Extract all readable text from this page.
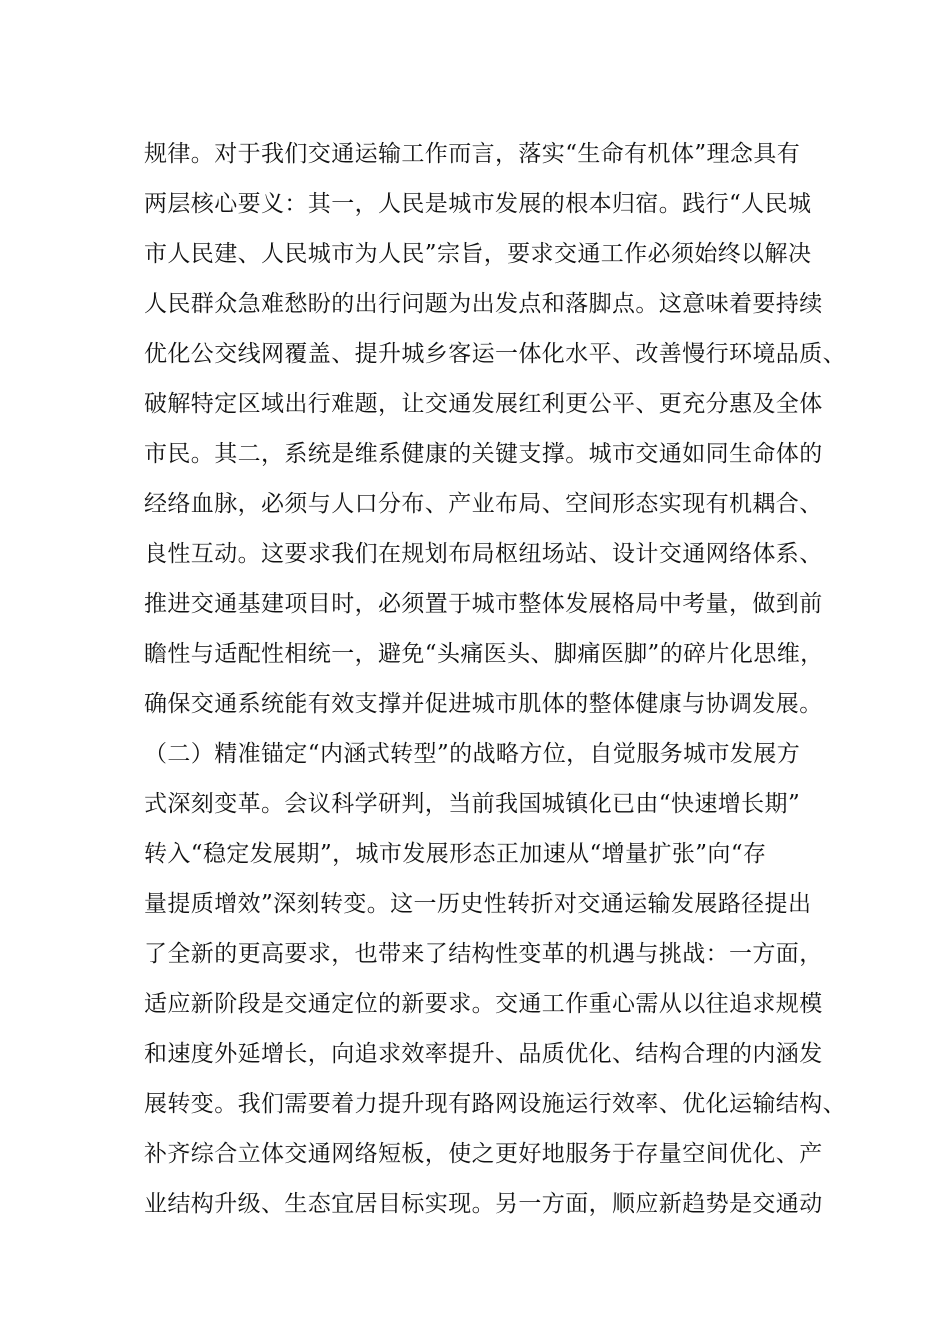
规律。对于我们交通运输工作而言，落实“生命有机体”理念具有
两层核心要义：其一，人民是城市发展的根本归宿。践行“人民城
市人民建、人民城市为人民”宗旨，要求交通工作必须始终以解决
人民群众急难愁盼的出行问题为出发点和落脚点。这意味着要持续
优化公交线网覆盖、提升城乡客运一体化水平、改善慢行环境品质、
破解特定区域出行难题，让交通发展红利更公平、更充分惠及全体
市民。其二，系统是维系健康的关键支撑。城市交通如同生命体的
经络血脉，必须与人口分布、产业布局、空间形态实现有机耦合、
良性互动。这要求我们在规划布局枢纽场站、设计交通网络体系、
推进交通基建项目时，必须置于城市整体发展格局中考量，做到前
瞻性与适配性相统一，避免“头痛医头、脚痛医脚”的碎片化思维，
确保交通系统能有效支撑并促进城市肌体的整体健康与协调发展。
（二）精准锚定“内涵式转型”的战略方位，自觉服务城市发展方
式深刻变革。会议科学研判，当前我国城镇化已由“快速增长期”
转入“稳定发展期”，城市发展形态正加速从“增量扩张”向“存
量提质增效”深刻转变。这一历史性转折对交通运输发展路径提出
了全新的更高要求，也带来了结构性变革的机遇与挑战：一方面，
适应新阶段是交通定位的新要求。交通工作重心需从以往追求规模
和速度外延增长，向追求效率提升、品质优化、结构合理的内涵发
展转变。我们需要着力提升现有路网设施运行效率、优化运输结构、
补齐综合立体交通网络短板，使之更好地服务于存量空间优化、产
业结构升级、生态宜居目标实现。另一方面，顺应新趋势是交通动
